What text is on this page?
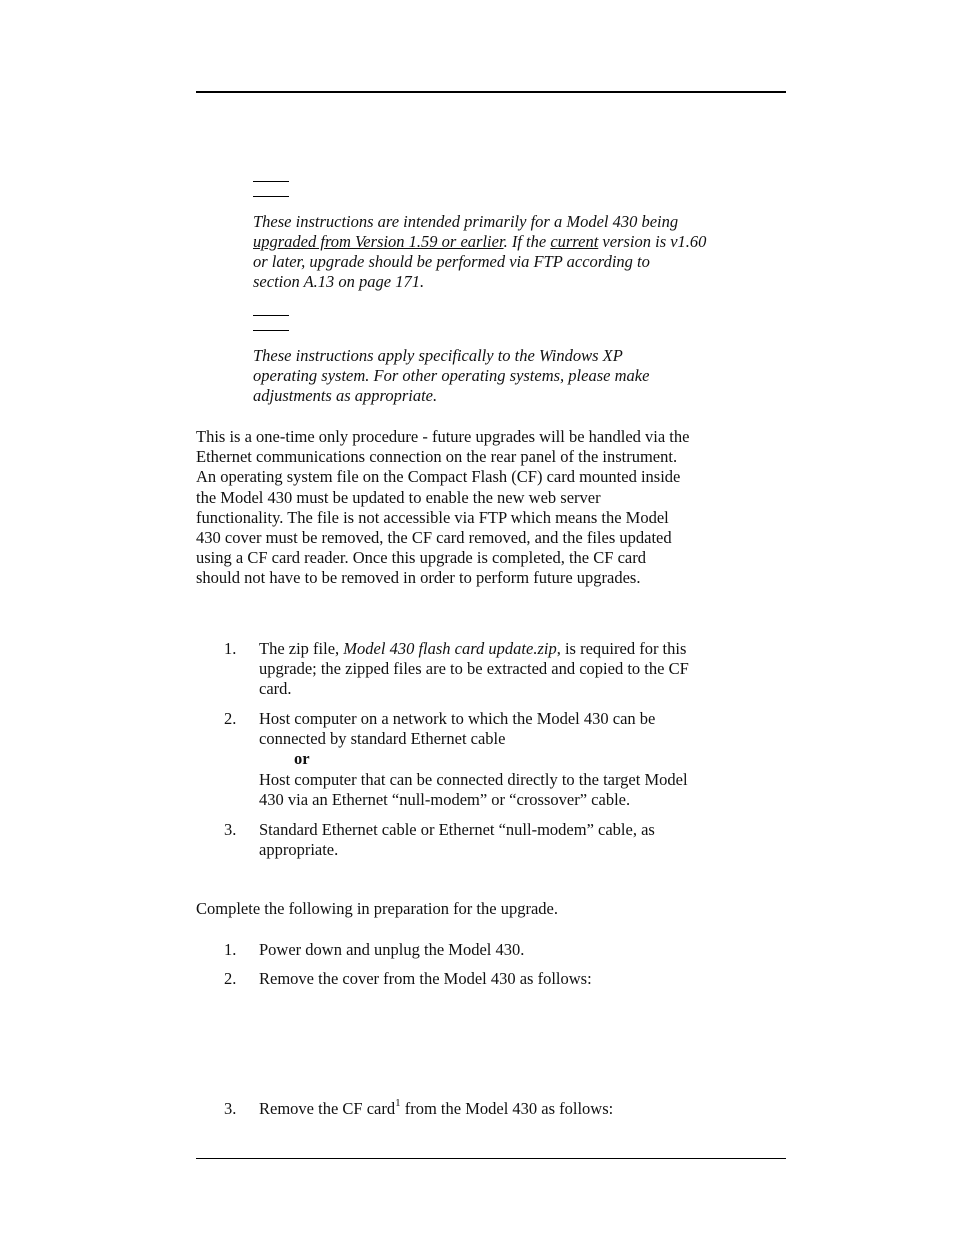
These instructions are intended primarily for a Model 430 being
upgraded from Version 1.59 or earlier. If the current version is v1.60
or later, upgrade should be performed via FTP according to
section A.13 on page 171.
These instructions apply specifically to the Windows XP
operating system. For other operating systems, please make
adjustments as appropriate.
This is a one-time only procedure - future upgrades will be handled via the
Ethernet communications connection on the rear panel of the instrument.
An operating system file on the Compact Flash (CF) card mounted inside
the Model 430 must be updated to enable the new web server
functionality. The file is not accessible via FTP which means the Model
430 cover must be removed, the CF card removed, and the files updated
using a CF card reader. Once this upgrade is completed, the CF card
should not have to be removed in order to perform future upgrades.
1. The zip file, Model 430 flash card update.zip, is required for this
upgrade; the zipped files are to be extracted and copied to the CF
card.
2. Host computer on a network to which the Model 430 can be
connected by standard Ethernet cable
or
Host computer that can be connected directly to the target Model
430 via an Ethernet “null-modem” or “crossover” cable.
3. Standard Ethernet cable or Ethernet “null-modem” cable, as
appropriate.
Complete the following in preparation for the upgrade.
1. Power down and unplug the Model 430.
2. Remove the cover from the Model 430 as follows:
3. Remove the CF card$^1$ from the Model 430 as follows:
